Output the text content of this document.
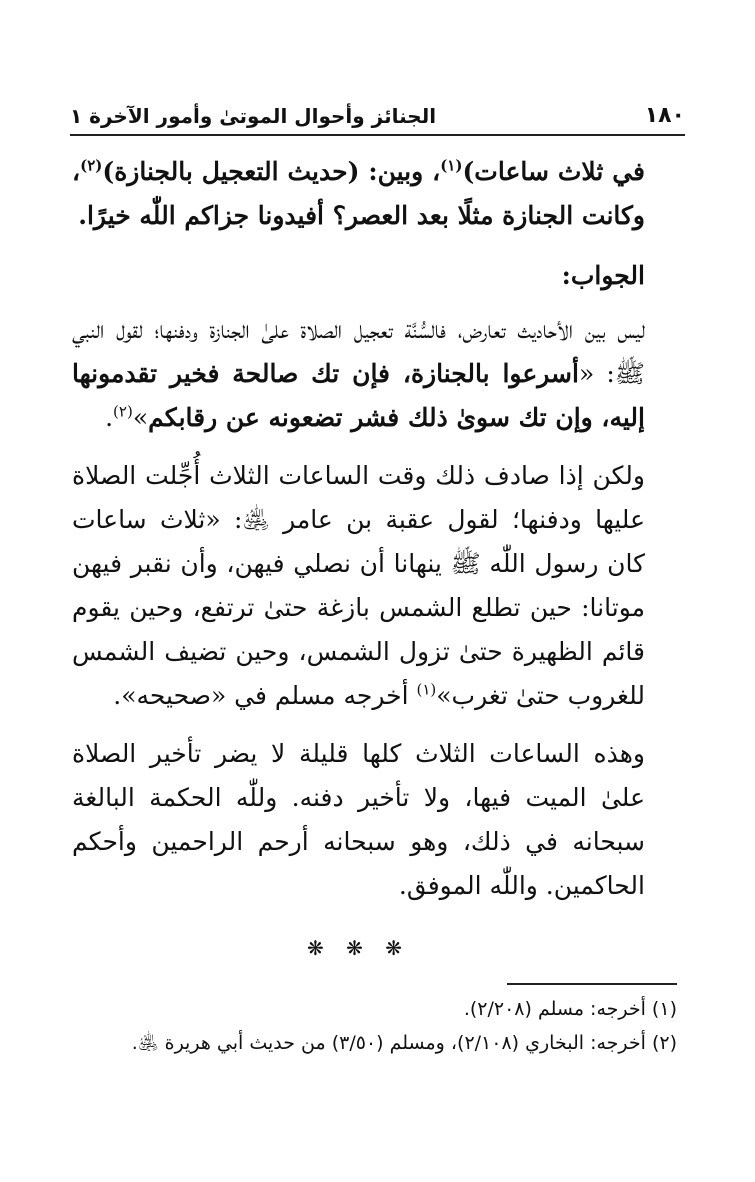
١٨٠
الجنائز وأحوال الموتىٰ وأمور الآخرة ١

في ثلاث ساعات)$^{(١)}$، وبين: (حديث التعجيل بالجنازة)$^{(٢)}$، وكانت الجنازة مثلًا بعد العصر؟ أفيدونا جزاكم اللّٰه خيرًا.

الجواب:

ليس بين الأحاديث تعارض، فالسُّنَّة تعجيل الصلاة علىٰ الجنازة ودفنها؛ لقول النبي ﷺ: «أسرعوا بالجنازة، فإن تك صالحة فخير تقدمونها إليه، وإن تك سوىٰ ذلك فشر تضعونه عن رقابكم»$^{(٢)}$.

ولكن إذا صادف ذلك وقت الساعات الثلاث أُجِّلت الصلاة عليها ودفنها؛ لقول عقبة بن عامر ﵁: «ثلاث ساعات كان رسول اللّٰه ﷺ ينهانا أن نصلي فيهن، وأن نقبر فيهن موتانا: حين تطلع الشمس بازغة حتىٰ ترتفع، وحين يقوم قائم الظهيرة حتىٰ تزول الشمس، وحين تضيف الشمس للغروب حتىٰ تغرب»$^{(١)}$ أخرجه مسلم في «صحيحه».

وهذه الساعات الثلاث كلها قليلة لا يضر تأخير الصلاة علىٰ الميت فيها، ولا تأخير دفنه. وللّٰه الحكمة البالغة سبحانه في ذلك، وهو سبحانه أرحم الراحمين وأحكم الحاكمين. واللّٰه الموفق.

❋ ❋ ❋

(١) أخرجه: مسلم (٢/٢٠٨).

(٢) أخرجه: البخاري (٢/١٠٨)، ومسلم (٣/٥٠) من حديث أبي هريرة ﵁.
